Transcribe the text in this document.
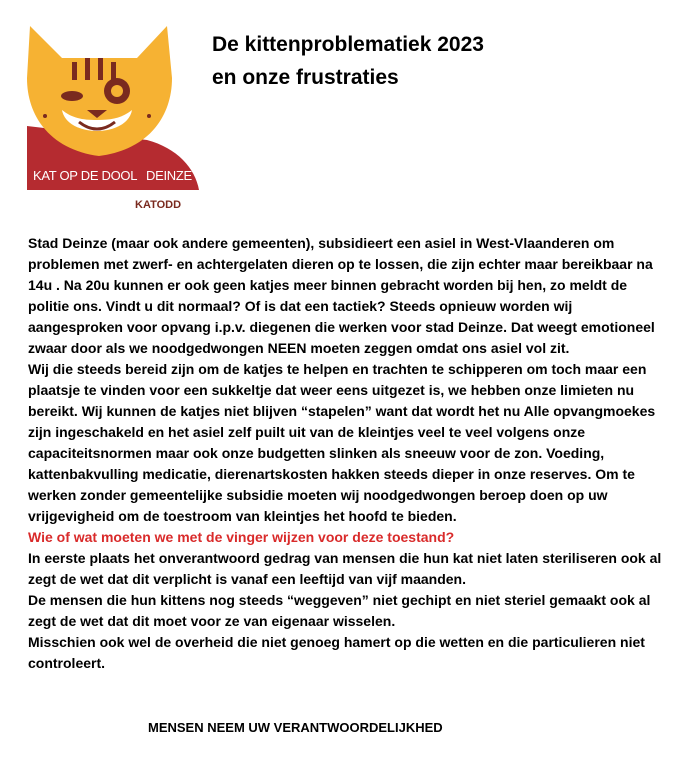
KAT OP DE DOOL DEINZE
KATODD
De kittenproblematiek 2023
en onze frustraties

Stad Deinze (maar ook andere gemeenten), subsidieert een asiel in West-Vlaanderen om problemen met zwerf- en achtergelaten dieren op te lossen, die zijn echter maar bereikbaar na 14u . Na 20u kunnen er ook geen katjes meer binnen gebracht worden bij hen, zo meldt de politie ons. Vindt u dit normaal? Of is dat een tactiek? Steeds opnieuw worden wij aangesproken voor opvang i.p.v. diegenen die werken voor stad Deinze. Dat weegt emotioneel zwaar door als we noodgedwongen NEEN moeten zeggen omdat ons asiel vol zit.

Wij die steeds bereid zijn om de katjes te helpen en trachten te schipperen om toch maar een plaatsje te vinden voor een sukkeltje dat weer eens uitgezet is, we hebben onze limieten nu bereikt. Wij kunnen de katjes niet blijven “stapelen” want dat wordt het nu Alle opvangmoekes zijn ingeschakeld en het asiel zelf puilt uit van de kleintjes veel te veel volgens onze capaciteitsnormen maar ook onze budgetten slinken als sneeuw voor de zon. Voeding, kattenbakvulling medicatie, dierenartskosten hakken steeds dieper in onze reserves. Om te werken zonder gemeentelijke subsidie moeten wij noodgedwongen beroep doen op uw vrijgevigheid om de toestroom van kleintjes het hoofd te bieden.

Wie of wat moeten we met de vinger wijzen voor deze toestand?

In eerste plaats het onverantwoord gedrag van mensen die hun kat niet laten steriliseren ook al zegt de wet dat dit verplicht is vanaf een leeftijd van vijf maanden.

De mensen die hun kittens nog steeds “weggeven” niet gechipt en niet steriel gemaakt ook al zegt de wet dat dit moet voor ze van eigenaar wisselen.

Misschien ook wel de overheid die niet genoeg hamert op die wetten en die particulieren niet controleert.

MENSEN NEEM UW VERANTWOORDELIJKHED
